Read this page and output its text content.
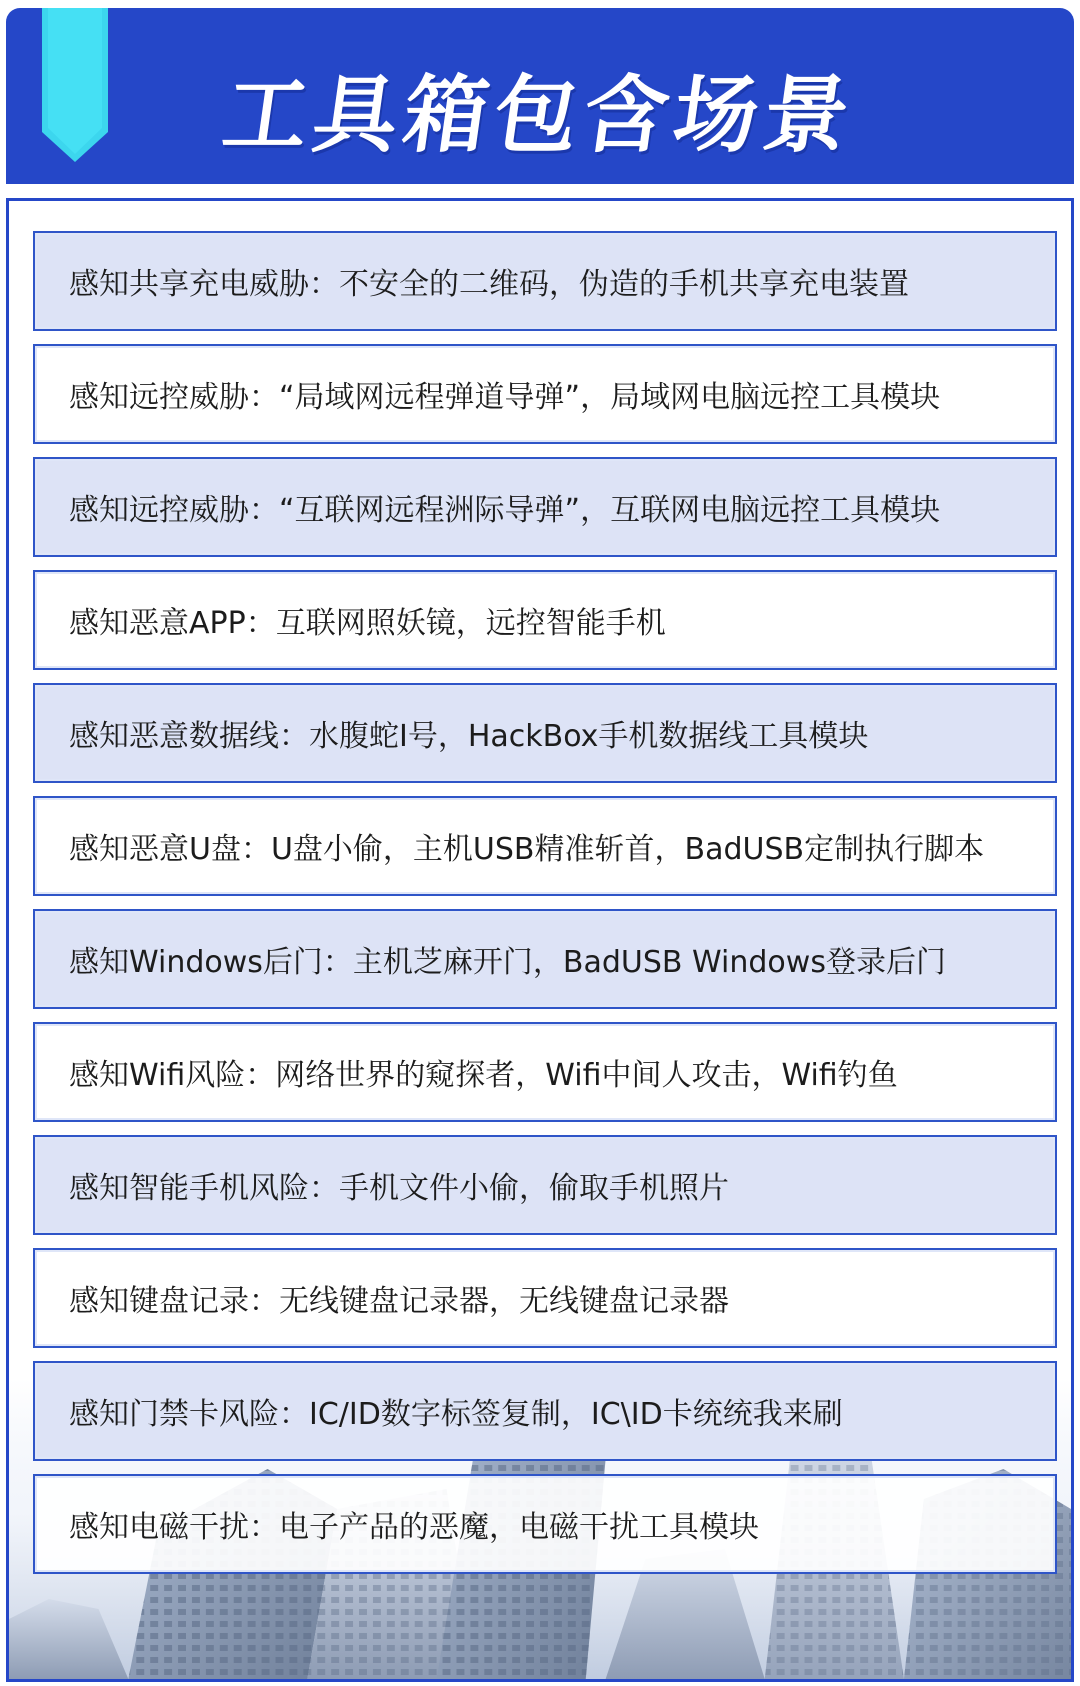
工具箱包含场景
感知共享充电威胁：不安全的二维码，伪造的手机共享充电装置
感知远控威胁：“局域网远程弹道导弹”，局域网电脑远控工具模块
感知远控威胁：“互联网远程洲际导弹”，互联网电脑远控工具模块
感知恶意APP：互联网照妖镜，远控智能手机
感知恶意数据线：水腹蛇I号，HackBox手机数据线工具模块
感知恶意U盘：U盘小偷，主机USB精准斩首，BadUSB定制执行脚本
感知Windows后门：主机芝麻开门，BadUSB Windows登录后门
感知Wifi风险：网络世界的窥探者，Wifi中间人攻击，Wifi钓鱼
感知智能手机风险：手机文件小偷，偷取手机照片
感知键盘记录：无线键盘记录器，无线键盘记录器
感知门禁卡风险：IC/ID数字标签复制，IC\ID卡统统我来刷
感知电磁干扰：电子产品的恶魔，电磁干扰工具模块
